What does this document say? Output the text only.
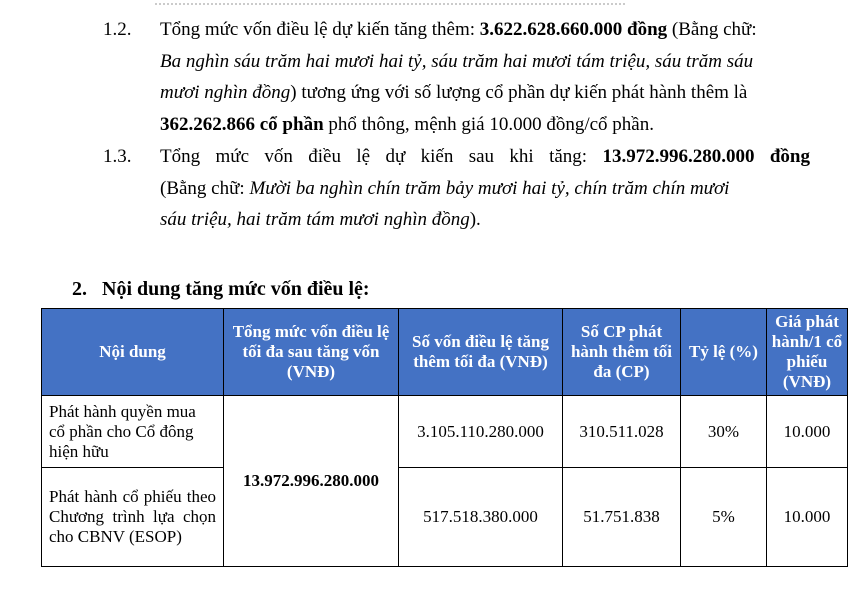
1.2. Tổng mức vốn điều lệ dự kiến tăng thêm: 3.622.628.660.000 đồng (Bằng chữ:
Ba nghìn sáu trăm hai mươi hai tỷ, sáu trăm hai mươi tám triệu, sáu trăm sáu
mươi nghìn đồng) tương ứng với số lượng cổ phần dự kiến phát hành thêm là
362.262.866 cổ phần phổ thông, mệnh giá 10.000 đồng/cổ phần.
1.3. Tổng mức vốn điều lệ dự kiến sau khi tăng: 13.972.996.280.000 đồng
(Bằng chữ: Mười ba nghìn chín trăm bảy mươi hai tỷ, chín trăm chín mươi
sáu triệu, hai trăm tám mươi nghìn đồng).
2. Nội dung tăng mức vốn điều lệ:
Nội dung	Tổng mức vốn điều lệ tối đa sau tăng vốn (VNĐ)	Số vốn điều lệ tăng thêm tối đa (VNĐ)	Số CP phát hành thêm tối đa (CP)	Tỷ lệ (%)	Giá phát hành/1 cổ phiếu (VNĐ)
Phát hành quyền mua cổ phần cho Cổ đông hiện hữu	13.972.996.280.000	3.105.110.280.000	310.511.028	30%	10.000
Phát hành cổ phiếu theo Chương trình lựa chọn cho CBNV (ESOP)		517.518.380.000	51.751.838	5%	10.000
